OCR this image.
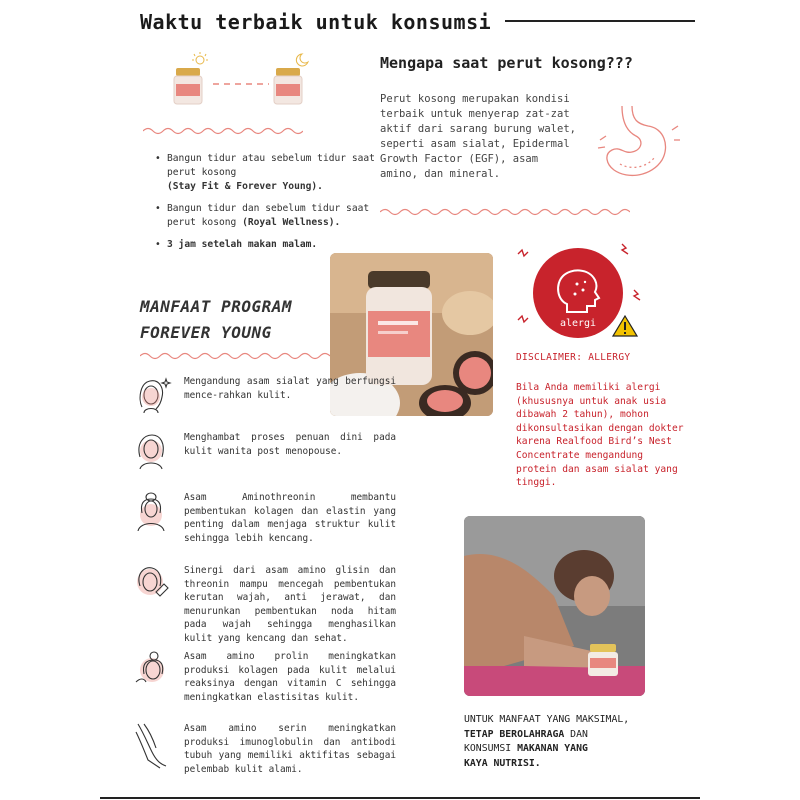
Waktu terbaik untuk konsumsi
Mengapa saat perut kosong???
Perut kosong merupakan kondisi terbaik untuk menyerap zat-zat aktif dari sarang burung walet, seperti asam sialat, Epidermal Growth Factor (EGF), asam amino, dan mineral.
• Bangun tidur atau sebelum tidur saat perut kosong
(Stay Fit & Forever Young).
• Bangun tidur dan sebelum tidur saat perut kosong (Royal Wellness).
• 3 jam setelah makan malam.
MANFAAT PROGRAM
FOREVER YOUNG	alergi
DISCLAIMER: ALLERGY
Bila Anda memiliki alergi (khususnya untuk anak usia dibawah 2 tahun), mohon dikonsultasikan dengan dokter karena Realfood Bird’s Nest Concentrate mengandung protein dan asam sialat yang tinggi.
Mengandung asam sialat yang berfungsi mence-rahkan kulit.
Menghambat proses penuan dini pada kulit wanita post menopouse.
Asam Aminothreonin membantu pembentukan kolagen dan elastin yang penting dalam menjaga struktur kulit sehingga lebih kencang.
Sinergi dari asam amino glisin dan threonin mampu mencegah pembentukan kerutan wajah, anti jerawat, dan menurunkan pembentukan noda hitam pada wajah sehingga menghasilkan kulit yang kencang dan sehat.
Asam amino prolin meningkatkan produksi kolagen pada kulit melalui reaksinya dengan vitamin C sehingga meningkatkan elastisitas kulit.
Asam amino serin meningkatkan produksi imunoglobulin dan antibodi tubuh yang memiliki aktifitas sebagai pelembab kulit alami.
UNTUK MANFAAT YANG MAKSIMAL,
TETAP BEROLAHRAGA DAN
KONSUMSI MAKANAN YANG
KAYA NUTRISI.
